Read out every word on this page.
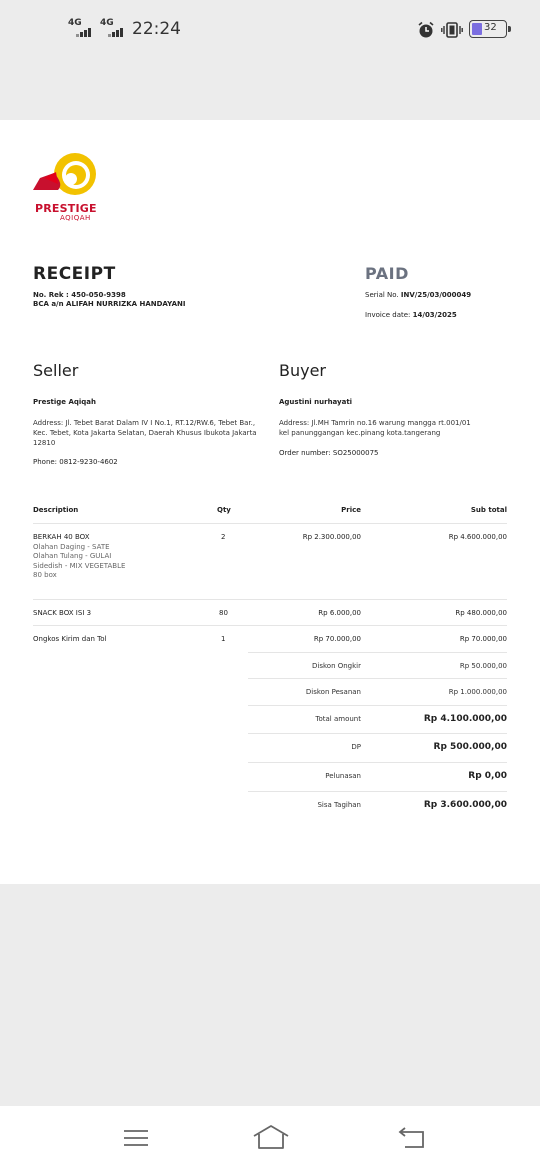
4G 4G 22:24	32
PRESTIGE
AQIQAH
RECEIPT	PAID
No. Rek : 450-050-9398
BCA a/n ALIFAH NURRIZKA HANDAYANI
Serial No. INV/25/03/000049
Invoice date: 14/03/2025
Seller
Prestige Aqiqah
Address: Jl. Tebet Barat Dalam IV I No.1, RT.12/RW.6, Tebet Bar., Kec. Tebet, Kota Jakarta Selatan, Daerah Khusus Ibukota Jakarta 12810
Phone: 0812-9230-4602
Buyer
Agustini nurhayati
Address: Jl.MH Tamrin no.16 warung mangga rt.001/01 kel panunggangan kec.pinang kota.tangerang
Order number: SO25000075
Description	Qty	Price	Sub total
BERKAH 40 BOX
Olahan Daging - SATE
Olahan Tulang - GULAI
Sidedish - MIX VEGETABLE
80 box
2	Rp 2.300.000,00	Rp 4.600.000,00
SNACK BOX ISI 3	80	Rp 6.000,00	Rp 480.000,00
Ongkos Kirim dan Tol	1	Rp 70.000,00	Rp 70.000,00
Diskon Ongkir	Rp 50.000,00
Diskon Pesanan	Rp 1.000.000,00
Total amount	Rp 4.100.000,00
DP	Rp 500.000,00
Pelunasan	Rp 0,00
Sisa Tagihan	Rp 3.600.000,00
